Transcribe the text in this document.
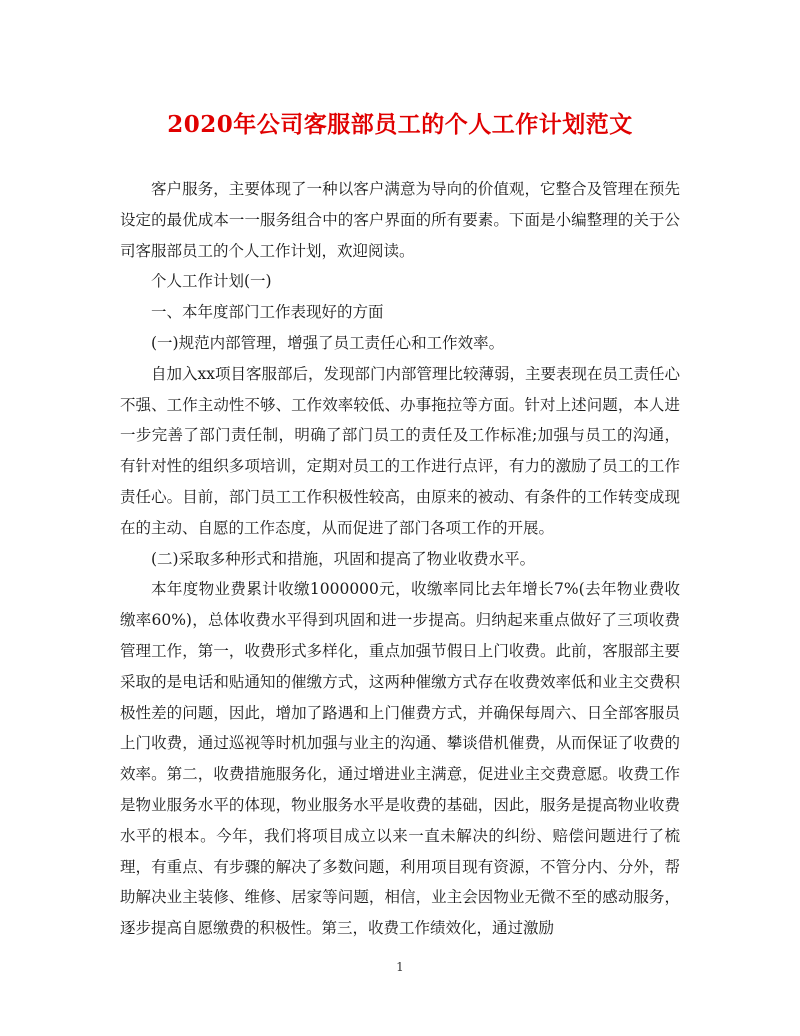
2020年公司客服部员工的个人工作计划范文

客户服务，主要体现了一种以客户满意为导向的价值观，它整合及管理在预先设定的最优成本一一服务组合中的客户界面的所有要素。下面是小编整理的关于公司客服部员工的个人工作计划，欢迎阅读。

个人工作计划(一)

一、本年度部门工作表现好的方面

(一)规范内部管理，增强了员工责任心和工作效率。

自加入xx项目客服部后，发现部门内部管理比较薄弱，主要表现在员工责任心不强、工作主动性不够、工作效率较低、办事拖拉等方面。针对上述问题，本人进一步完善了部门责任制，明确了部门员工的责任及工作标准;加强与员工的沟通，有针对性的组织多项培训，定期对员工的工作进行点评，有力的激励了员工的工作责任心。目前，部门员工工作积极性较高，由原来的被动、有条件的工作转变成现在的主动、自愿的工作态度，从而促进了部门各项工作的开展。

(二)采取多种形式和措施，巩固和提高了物业收费水平。

本年度物业费累计收缴1000000元，收缴率同比去年增长7%(去年物业费收缴率60%)，总体收费水平得到巩固和进一步提高。归纳起来重点做好了三项收费管理工作，第一，收费形式多样化，重点加强节假日上门收费。此前，客服部主要采取的是电话和贴通知的催缴方式，这两种催缴方式存在收费效率低和业主交费积极性差的问题，因此，增加了路遇和上门催费方式，并确保每周六、日全部客服员上门收费，通过巡视等时机加强与业主的沟通、攀谈借机催费，从而保证了收费的效率。第二，收费措施服务化，通过增进业主满意，促进业主交费意愿。收费工作是物业服务水平的体现，物业服务水平是收费的基础，因此，服务是提高物业收费水平的根本。今年，我们将项目成立以来一直未解决的纠纷、赔偿问题进行了梳理，有重点、有步骤的解决了多数问题，利用项目现有资源，不管分内、分外，帮助解决业主装修、维修、居家等问题，相信，业主会因物业无微不至的感动服务，逐步提高自愿缴费的积极性。第三，收费工作绩效化，通过激励

1
